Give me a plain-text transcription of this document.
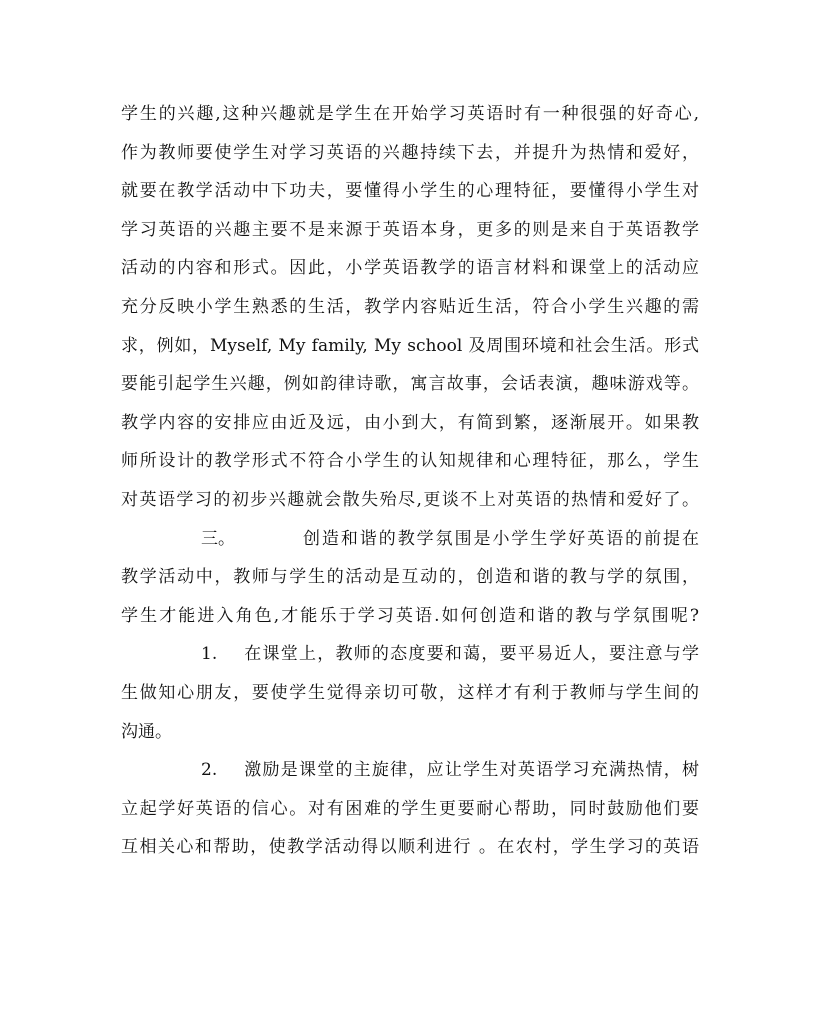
学生的兴趣,这种兴趣就是学生在开始学习英语时有一种很强的好奇心,
作为教师要使学生对学习英语的兴趣持续下去，并提升为热情和爱好，
就要在教学活动中下功夫，要懂得小学生的心理特征，要懂得小学生对
学习英语的兴趣主要不是来源于英语本身，更多的则是来自于英语教学
活动的内容和形式。因此，小学英语教学的语言材料和课堂上的活动应
充分反映小学生熟悉的生活，教学内容贴近生活，符合小学生兴趣的需
求，例如，Myself, My family, My school 及周围环境和社会生活。形式
要能引起学生兴趣，例如韵律诗歌，寓言故事，会话表演，趣味游戏等。
教学内容的安排应由近及远，由小到大，有简到繁，逐渐展开。如果教
师所设计的教学形式不符合小学生的认知规律和心理特征，那么，学生
对英语学习的初步兴趣就会散失殆尽,更谈不上对英语的热情和爱好了。
三。	创造和谐的教学氛围是小学生学好英语的前提在
教学活动中，教师与学生的活动是互动的，创造和谐的教与学的氛围，
学生才能进入角色,才能乐于学习英语.如何创造和谐的教与学氛围呢?
1. 在课堂上，教师的态度要和蔼，要平易近人，要注意与学
生做知心朋友，要使学生觉得亲切可敬，这样才有利于教师与学生间的
沟通。
2. 激励是课堂的主旋律，应让学生对英语学习充满热情，树
立起学好英语的信心。对有困难的学生更要耐心帮助，同时鼓励他们要
互相关心和帮助，使教学活动得以顺利进行 。在农村，学生学习的英语
